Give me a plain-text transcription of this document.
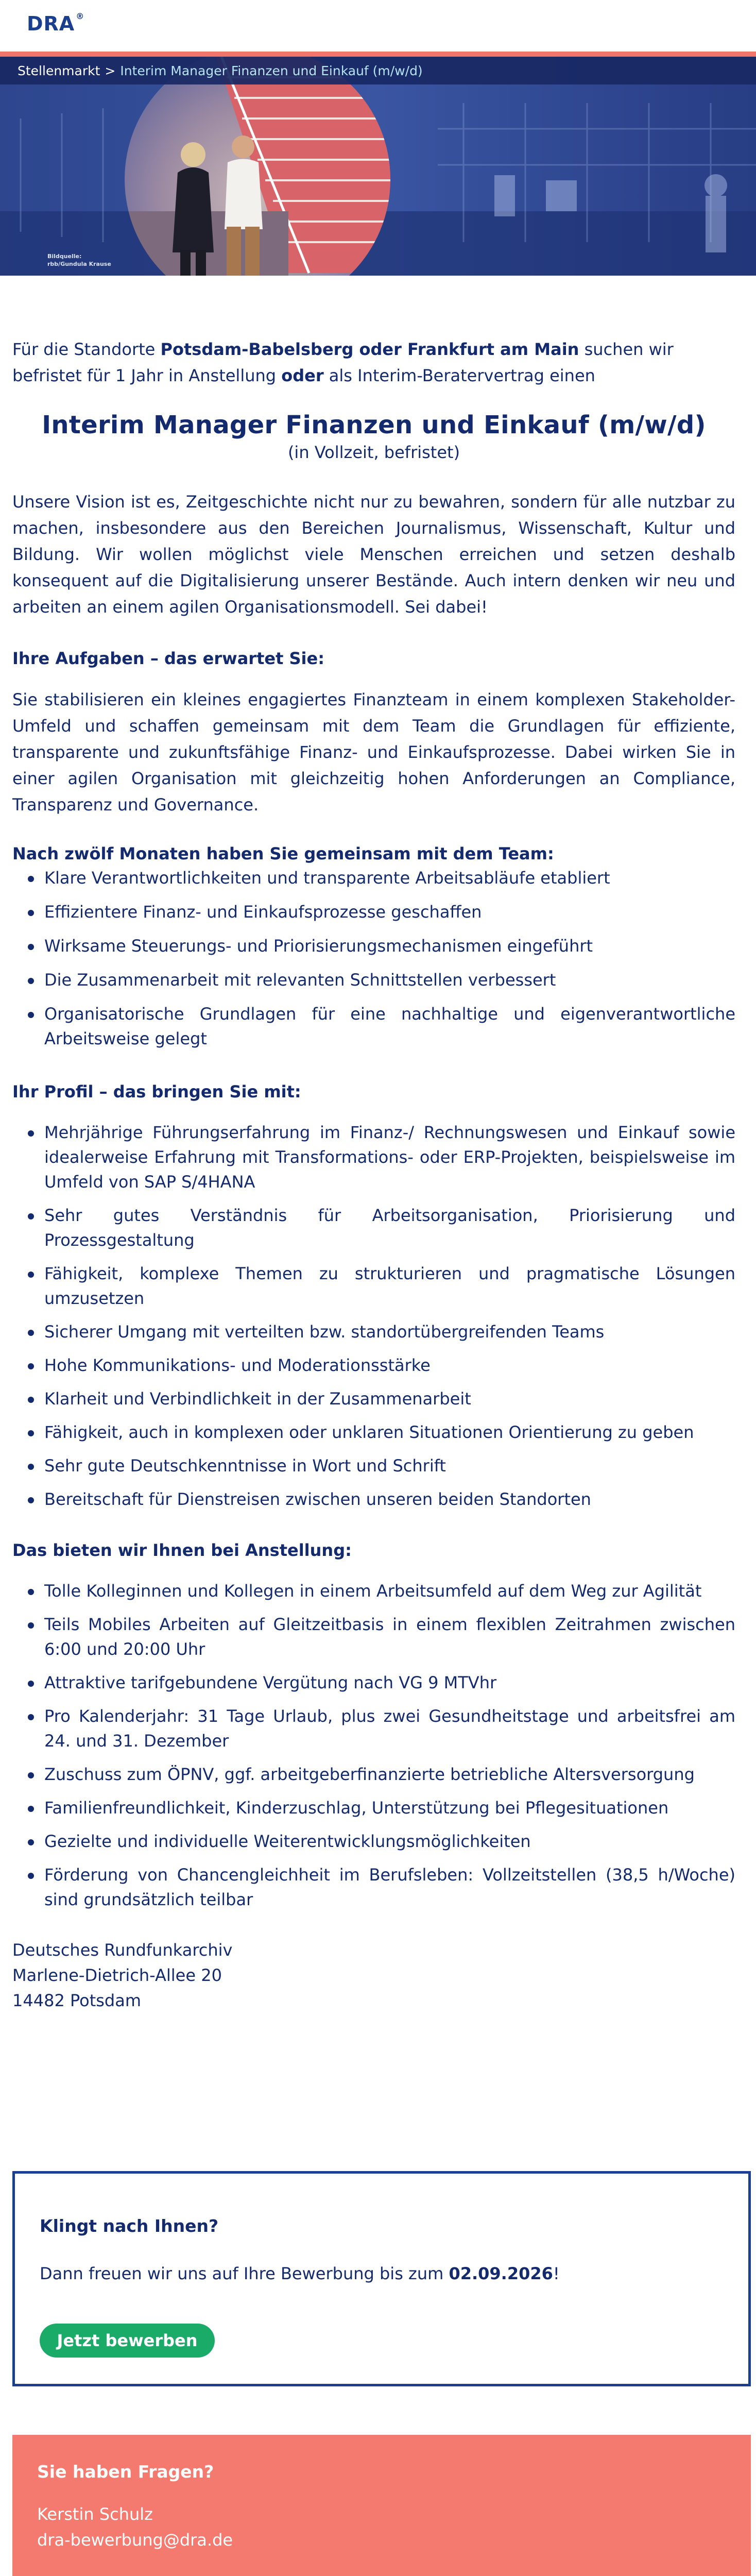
DRA ®
Stellenmarkt > Interim Manager Finanzen und Einkauf (m/w/d)
Bildquelle:
rbb/Gundula Krause

Für die Standorte Potsdam-Babelsberg oder Frankfurt am Main suchen wir befristet für 1 Jahr in Anstellung oder als Interim-Beratervertrag einen

Interim Manager Finanzen und Einkauf (m/w/d)

(in Vollzeit, befristet)

Unsere Vision ist es, Zeitgeschichte nicht nur zu bewahren, sondern für alle nutzbar zu machen, insbesondere aus den Bereichen Journalismus, Wissenschaft, Kultur und Bildung. Wir wollen möglichst viele Menschen erreichen und setzen deshalb konsequent auf die Digitalisierung unserer Bestände. Auch intern denken wir neu und arbeiten an einem agilen Organisationsmodell. Sei dabei!

Ihre Aufgaben – das erwartet Sie:

Sie stabilisieren ein kleines engagiertes Finanzteam in einem komplexen Stakeholder-Umfeld und schaffen gemeinsam mit dem Team die Grundlagen für effiziente, transparente und zukunftsfähige Finanz- und Einkaufsprozesse. Dabei wirken Sie in einer agilen Organisation mit gleichzeitig hohen Anforderungen an Compliance, Transparenz und Governance.

Nach zwölf Monaten haben Sie gemeinsam mit dem Team:
Klare Verantwortlichkeiten und transparente Arbeitsabläufe etabliert
Effizientere Finanz- und Einkaufsprozesse geschaffen
Wirksame Steuerungs- und Priorisierungsmechanismen eingeführt
Die Zusammenarbeit mit relevanten Schnittstellen verbessert
Organisatorische Grundlagen für eine nachhaltige und eigenverantwortliche Arbeitsweise gelegt
Ihr Profil – das bringen Sie mit:
Mehrjährige Führungserfahrung im Finanz-/ Rechnungswesen und Einkauf sowie idealerweise Erfahrung mit Transformations- oder ERP-Projekten, beispielsweise im Umfeld von SAP S/4HANA
Sehr gutes Verständnis für Arbeitsorganisation, Priorisierung und Prozessgestaltung
Fähigkeit, komplexe Themen zu strukturieren und pragmatische Lösungen umzusetzen
Sicherer Umgang mit verteilten bzw. standortübergreifenden Teams
Hohe Kommunikations- und Moderationsstärke
Klarheit und Verbindlichkeit in der Zusammenarbeit
Fähigkeit, auch in komplexen oder unklaren Situationen Orientierung zu geben
Sehr gute Deutschkenntnisse in Wort und Schrift
Bereitschaft für Dienstreisen zwischen unseren beiden Standorten
Das bieten wir Ihnen bei Anstellung:
Tolle Kolleginnen und Kollegen in einem Arbeitsumfeld auf dem Weg zur Agilität
Teils Mobiles Arbeiten auf Gleitzeitbasis in einem flexiblen Zeitrahmen zwischen 6:00 und 20:00 Uhr
Attraktive tarifgebundene Vergütung nach VG 9 MTVhr
Pro Kalenderjahr: 31 Tage Urlaub, plus zwei Gesundheitstage und arbeitsfrei am 24. und 31. Dezember
Zuschuss zum ÖPNV, ggf. arbeitgeberfinanzierte betriebliche Altersversorgung
Familienfreundlichkeit, Kinderzuschlag, Unterstützung bei Pflegesituationen
Gezielte und individuelle Weiterentwicklungsmöglichkeiten
Förderung von Chancengleichheit im Berufsleben: Vollzeitstellen (38,5 h/Woche) sind grundsätzlich teilbar
Deutsches Rundfunkarchiv
Marlene-Dietrich-Allee 20
14482 Potsdam
Klingt nach Ihnen?
Dann freuen wir uns auf Ihre Bewerbung bis zum 02.09.2026!
Jetzt bewerben
Sie haben Fragen?
Kerstin Schulz
dra-bewerbung@dra.de
